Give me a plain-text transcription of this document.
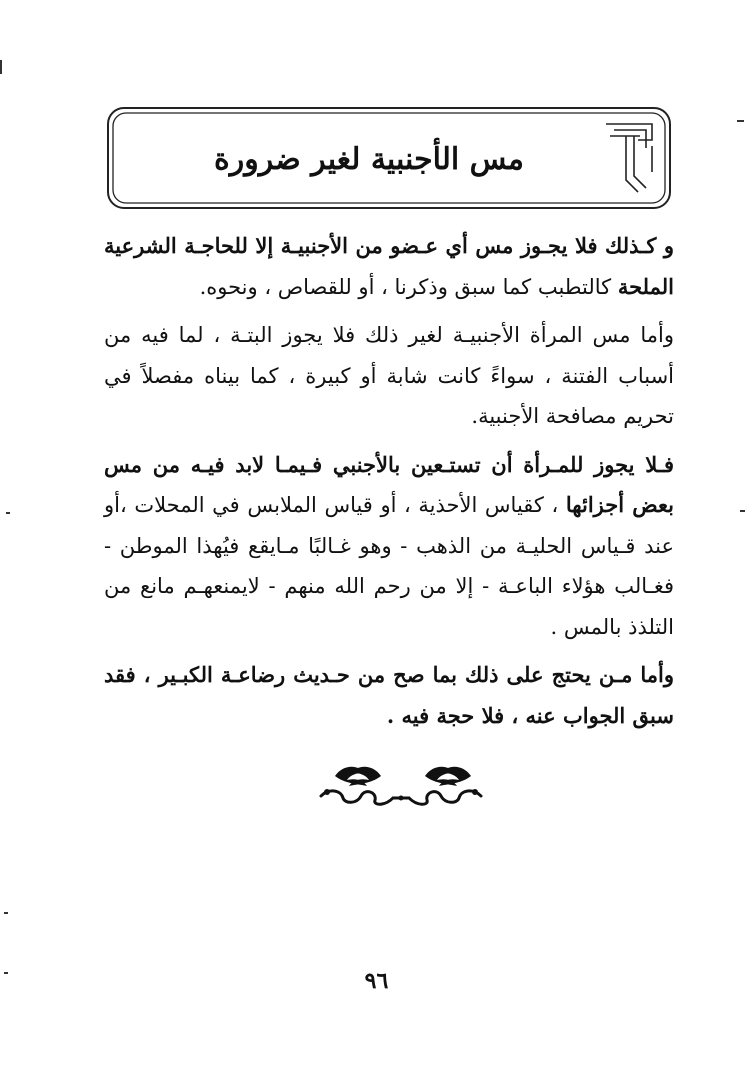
مس الأجنبية لغير ضرورة

و كـذلك فلا يجـوز مس أي عـضو من الأجنبيـة إلا للحاجـة الشرعية الملحة كالتطبب كما سبق وذكرنا ، أو للقصاص ، ونحوه.

وأما مس المرأة الأجنبيـة لغير ذلك فلا يجوز البتـة ، لما فيه من أسباب الفتنة ، سواءً كانت شابة أو كبيرة ، كما بيناه مفصلاً في تحريم مصافحة الأجنبية.

فـلا يجوز للمـرأة أن تستـعين بالأجنبي فـيمـا لابد فيـه من مس بعض أجزائها ، كقياس الأحذية ، أو قياس الملابس في المحلات ،أو عند قـياس الحليـة من الذهب - وهو غـالبًا مـايقع فيُهذا الموطن - فغـالب هؤلاء الباعـة - إلا من رحم الله منهم - لايمنعهـم مانع من التلذذ بالمس .

وأما مـن يحتج على ذلك بما صح من حـديث رضاعـة الكبـير ، فقد سبق الجواب عنه ، فلا حجة فيه .

٩٦
